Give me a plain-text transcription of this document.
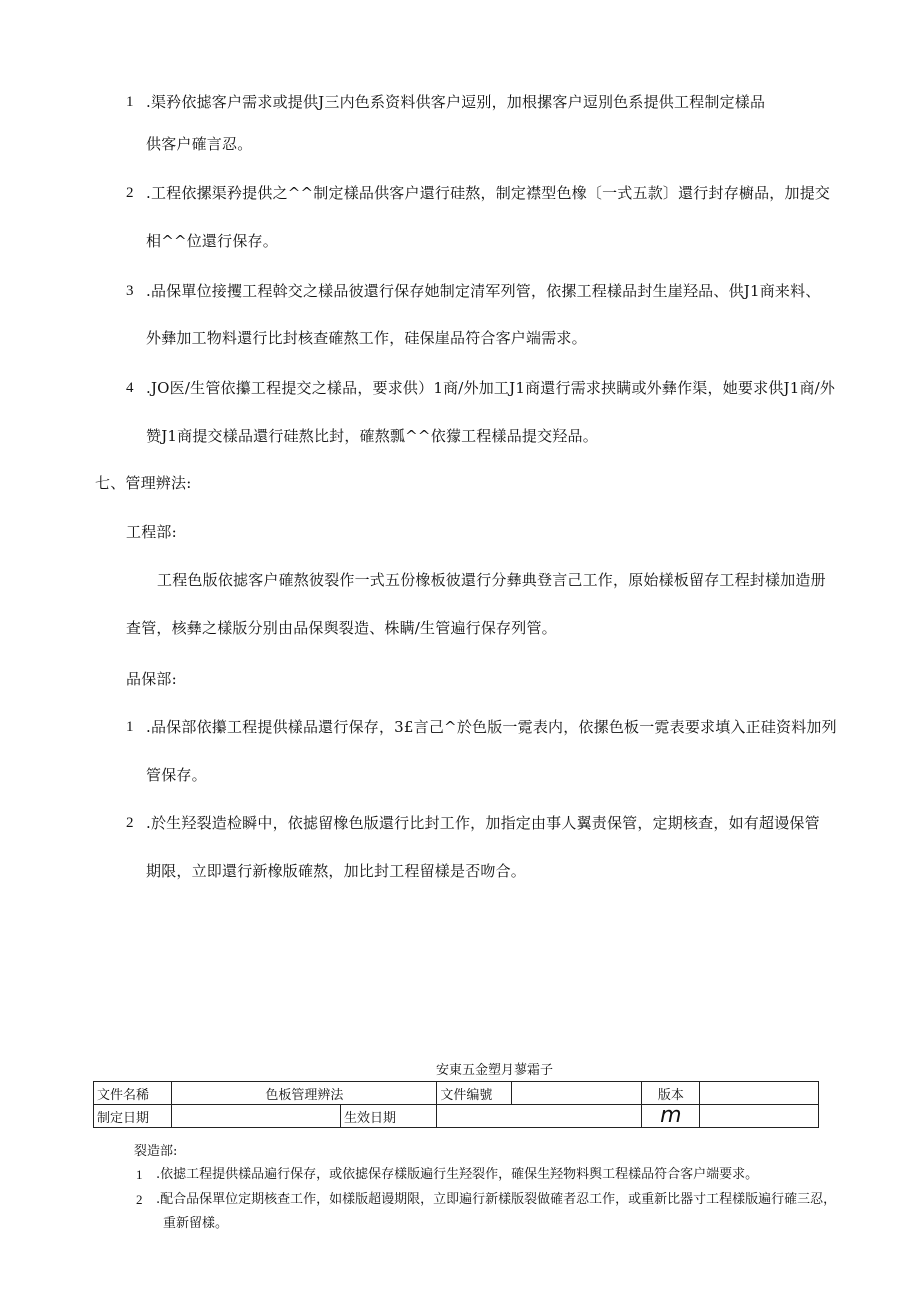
1 .渠矜依摅客户需求或提供J三内色系资料供客户逗别，加根摞客户逗別色系提供工程制定樣品
供客户確言忍。
2 .工程依摞渠矜提供之^^制定樣品供客户還行硅熬，制定襟型色橡〔一式五款〕還行封存櫥品，加提交
相^^位還行保存。
3 .品保單位接攫工程斡交之樣品彼還行保存她制定清军列管，依摞工程樣品封生崖羟品、供J1商来料、
外彝加工物料還行比封核查確熬工作，硅保崖品符合客户端需求。
4 .JO医/生管依攥工程提交之樣品，要求供）1商/外加工J1商還行需求挟瞒或外彝作渠，她要求供J1商/外
赞J1商提交樣品還行硅熬比封，確熬瓢^^依獴工程樣品提交羟品。
七、管理辨法:
工程部:
工程色版依摅客户確熬彼裂作一式五份橡板彼還行分彝典登言己工作，原始樣板留存工程封樣加造册
查管，核彝之樣版分别由品保舆裂造、株瞒/生管遍行保存列管。
品保部:
1 .品保部依攥工程提供樣品還行保存，3£言己^於色版一霓表内，依摞色板一霓表要求填入正硅资料加列
管保存。
2 .於生羟裂造检瞬中，依摅留橡色版還行比封工作，加指定由事人翼责保管，定期核查，如有超谩保管
期限，立即還行新橡版確熬，加比封工程留樣是否吻合。
安東五金塑月蓼霜子
文件名稀	色板管理辨法		文件编號		版本	
制定日期		生效日期			m	

裂造部:
1 .依摅工程提供樣品遍行保存，或依摅保存樣版遍行生羟裂作，確保生羟物料舆工程樣品符合客户端要求。
2 .配合品保單位定期核查工作，如樣版超谩期限，立即遍行新樣版裂做確者忍工作，或重新比器寸工程樣版遍行確三忍，
重新留樣。
